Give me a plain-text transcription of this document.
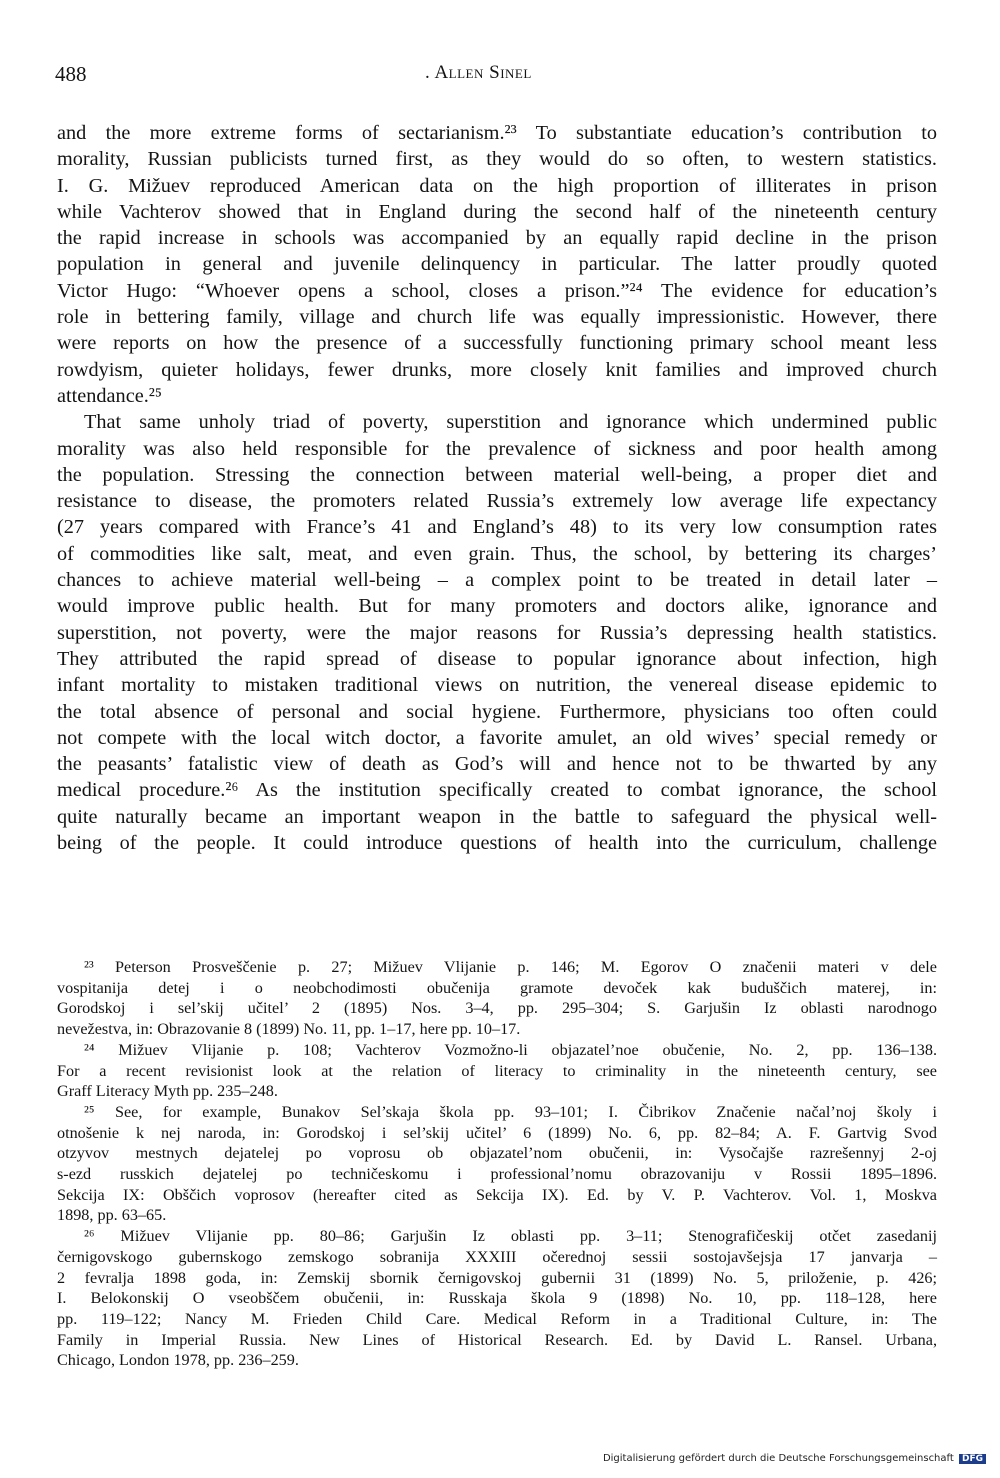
488	. Allen Sinel
and the more extreme forms of sectarianism.²³ To substantiate education’s contribution to
morality, Russian publicists turned first, as they would do so often, to western statistics.
I. G. Mižuev reproduced American data on the high proportion of illiterates in prison
while Vachterov showed that in England during the second half of the nineteenth century
the rapid increase in schools was accompanied by an equally rapid decline in the prison
population in general and juvenile delinquency in particular. The latter proudly quoted
Victor Hugo: “Whoever opens a school, closes a prison.”²⁴ The evidence for education’s
role in bettering family, village and church life was equally impressionistic. However, there
were reports on how the presence of a successfully functioning primary school meant less
rowdyism, quieter holidays, fewer drunks, more closely knit families and improved church
attendance.²⁵
That same unholy triad of poverty, superstition and ignorance which undermined public
morality was also held responsible for the prevalence of sickness and poor health among
the population. Stressing the connection between material well-being, a proper diet and
resistance to disease, the promoters related Russia’s extremely low average life expectancy
(27 years compared with France’s 41 and England’s 48) to its very low consumption rates
of commodities like salt, meat, and even grain. Thus, the school, by bettering its charges’
chances to achieve material well-being – a complex point to be treated in detail later –
would improve public health. But for many promoters and doctors alike, ignorance and
superstition, not poverty, were the major reasons for Russia’s depressing health statistics.
They attributed the rapid spread of disease to popular ignorance about infection, high
infant mortality to mistaken traditional views on nutrition, the venereal disease epidemic to
the total absence of personal and social hygiene. Furthermore, physicians too often could
not compete with the local witch doctor, a favorite amulet, an old wives’ special remedy or
the peasants’ fatalistic view of death as God’s will and hence not to be thwarted by any
medical procedure.²⁶ As the institution specifically created to combat ignorance, the school
quite naturally became an important weapon in the battle to safeguard the physical well-
being of the people. It could introduce questions of health into the curriculum, challenge
²³ Peterson Prosveščenie p. 27; Mižuev Vlijanie p. 146; M. Egorov O značenii materi v dele
vospitanija detej i o neobchodimosti obučenija gramote devoček kak buduščich materej, in:
Gorodskoj i sel’skij učitel’ 2 (1895) Nos. 3–4, pp. 295–304; S. Garjušin Iz oblasti narodnogo
nevežestva, in: Obrazovanie 8 (1899) No. 11, pp. 1–17, here pp. 10–17.
²⁴ Mižuev Vlijanie p. 108; Vachterov Vozmožno-li objazatel’noe obučenie, No. 2, pp. 136–138.
For a recent revisionist look at the relation of literacy to criminality in the nineteenth century, see
Graff Literacy Myth pp. 235–248.
²⁵ See, for example, Bunakov Sel’skaja škola pp. 93–101; I. Čibrikov Značenie načal’noj školy i
otnošenie k nej naroda, in: Gorodskoj i sel’skij učitel’ 6 (1899) No. 6, pp. 82–84; A. F. Gartvig Svod
otzyvov mestnych dejatelej po voprosu ob objazatel’nom obučenii, in: Vysočajše razrešennyj 2-oj
s-ezd russkich dejatelej po techničeskomu i professional’nomu obrazovaniju v Rossii 1895–1896.
Sekcija IX: Obščich voprosov (hereafter cited as Sekcija IX). Ed. by V. P. Vachterov. Vol. 1, Moskva
1898, pp. 63–65.
²⁶ Mižuev Vlijanie pp. 80–86; Garjušin Iz oblasti pp. 3–11; Stenografičeskij otčet zasedanij
černigovskogo gubernskogo zemskogo sobranija XXXIII očerednoj sessii sostojavšejsja 17 janvarja –
2 fevralja 1898 goda, in: Zemskij sbornik černigovskoj gubernii 31 (1899) No. 5, priloženie, p. 426;
I. Belokonskij O vseobščem obučenii, in: Russkaja škola 9 (1898) No. 10, pp. 118–128, here
pp. 119–122; Nancy M. Frieden Child Care. Medical Reform in a Traditional Culture, in: The
Family in Imperial Russia. New Lines of Historical Research. Ed. by David L. Ransel. Urbana,
Chicago, London 1978, pp. 236–259.
Digitalisierung gefördert durch die Deutsche Forschungsgemeinschaft DFG
